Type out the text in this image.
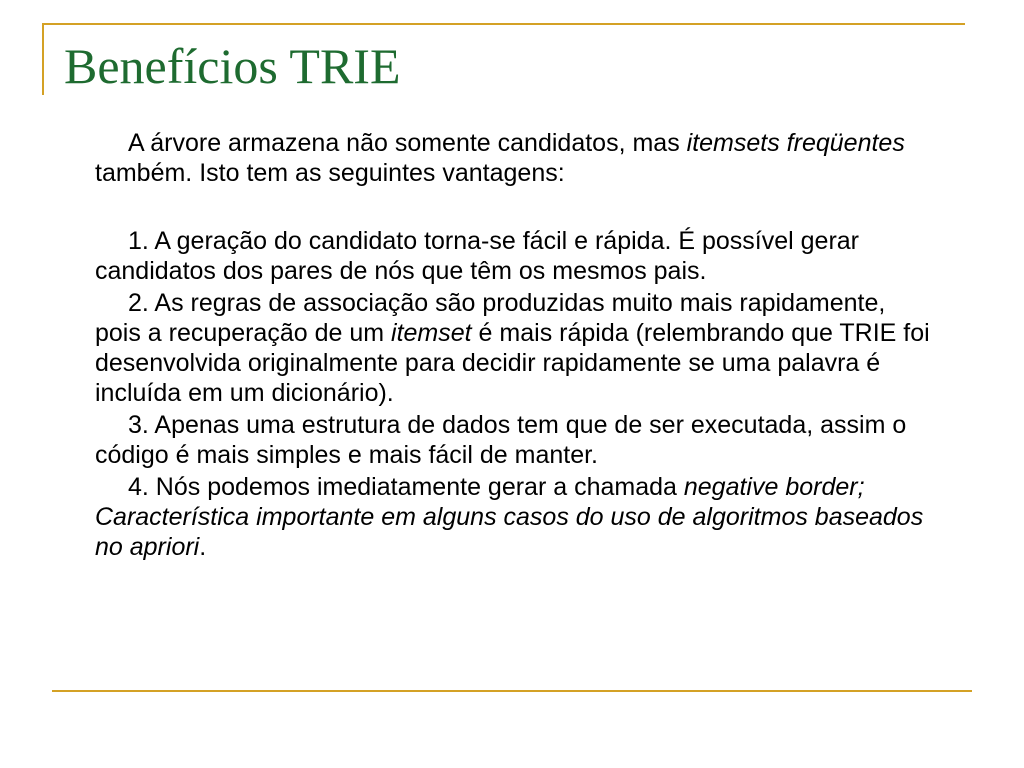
Benefícios TRIE

A árvore armazena não somente candidatos, mas itemsets freqüentes também. Isto tem as seguintes vantagens:

1. A geração do candidato torna-se fácil e rápida. É possível gerar candidatos dos pares de nós que têm os mesmos pais.

2. As regras de associação são produzidas muito mais rapidamente, pois a recuperação de um itemset é mais rápida (relembrando que TRIE foi desenvolvida originalmente para decidir rapidamente se uma palavra é incluída em um dicionário).

3. Apenas uma estrutura de dados tem que de ser executada, assim o código é mais simples e mais fácil de manter.

4. Nós podemos imediatamente gerar a chamada negative border; Característica importante em alguns casos do uso de algoritmos baseados no apriori.
